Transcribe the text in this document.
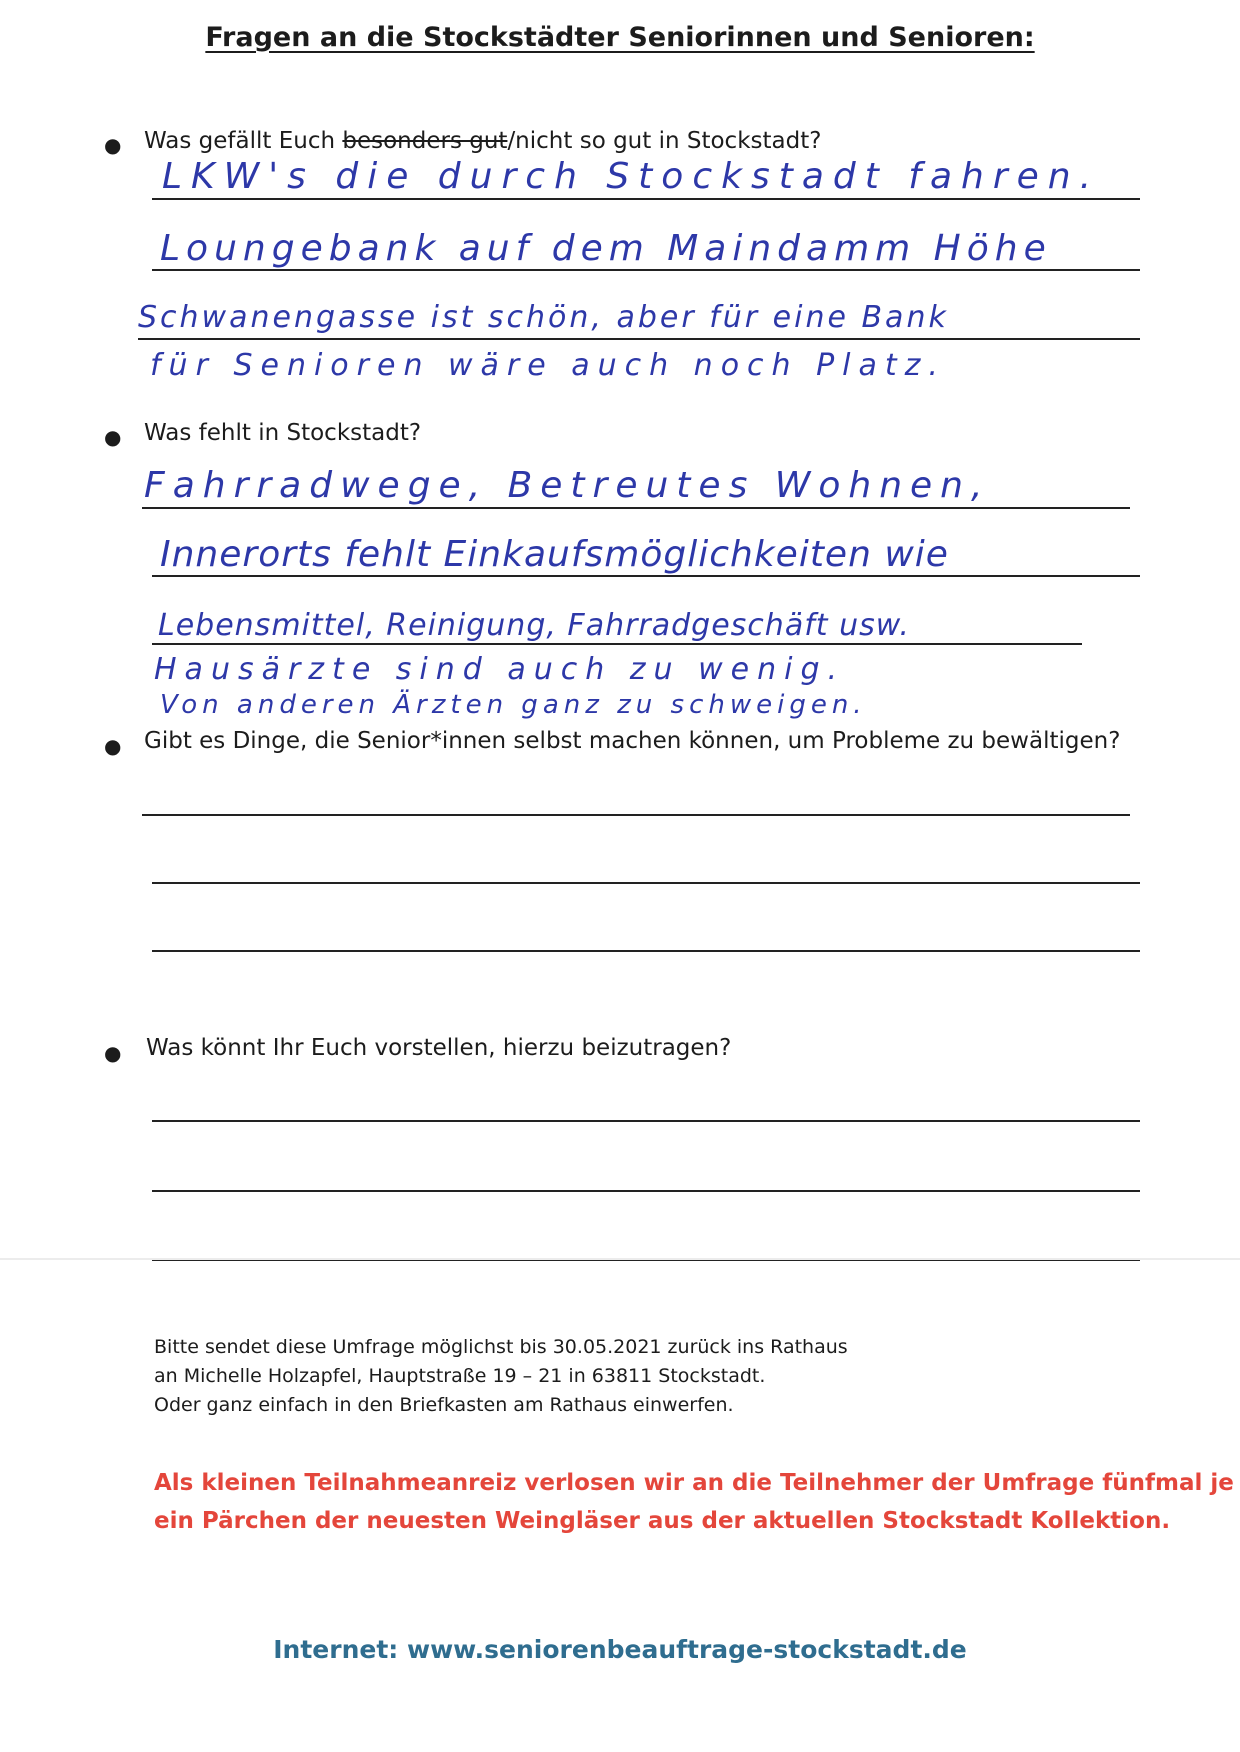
Fragen an die Stockstädter Seniorinnen und Senioren:
● Was gefällt Euch besonders gut/nicht so gut in Stockstadt?
LKW's die durch Stockstadt fahren.
Loungebank auf dem Maindamm Höhe
Schwanengasse ist schön, aber für eine Bank
für Senioren wäre auch noch Platz.
● Was fehlt in Stockstadt?
Fahrradwege, Betreutes Wohnen,
Innerorts fehlt Einkaufsmöglichkeiten wie
Lebensmittel, Reinigung, Fahrradgeschäft usw.
Hausärzte sind auch zu wenig.
Von anderen Ärzten ganz zu schweigen.
● Gibt es Dinge, die Senior*innen selbst machen können, um Probleme zu bewältigen?
● Was könnt Ihr Euch vorstellen, hierzu beizutragen?
Bitte sendet diese Umfrage möglichst bis 30.05.2021 zurück ins Rathaus
an Michelle Holzapfel, Hauptstraße 19 – 21 in 63811 Stockstadt.
Oder ganz einfach in den Briefkasten am Rathaus einwerfen.
Als kleinen Teilnahmeanreiz verlosen wir an die Teilnehmer der Umfrage fünfmal je
ein Pärchen der neuesten Weingläser aus der aktuellen Stockstadt Kollektion.
Internet: www.seniorenbeauftrage-stockstadt.de
